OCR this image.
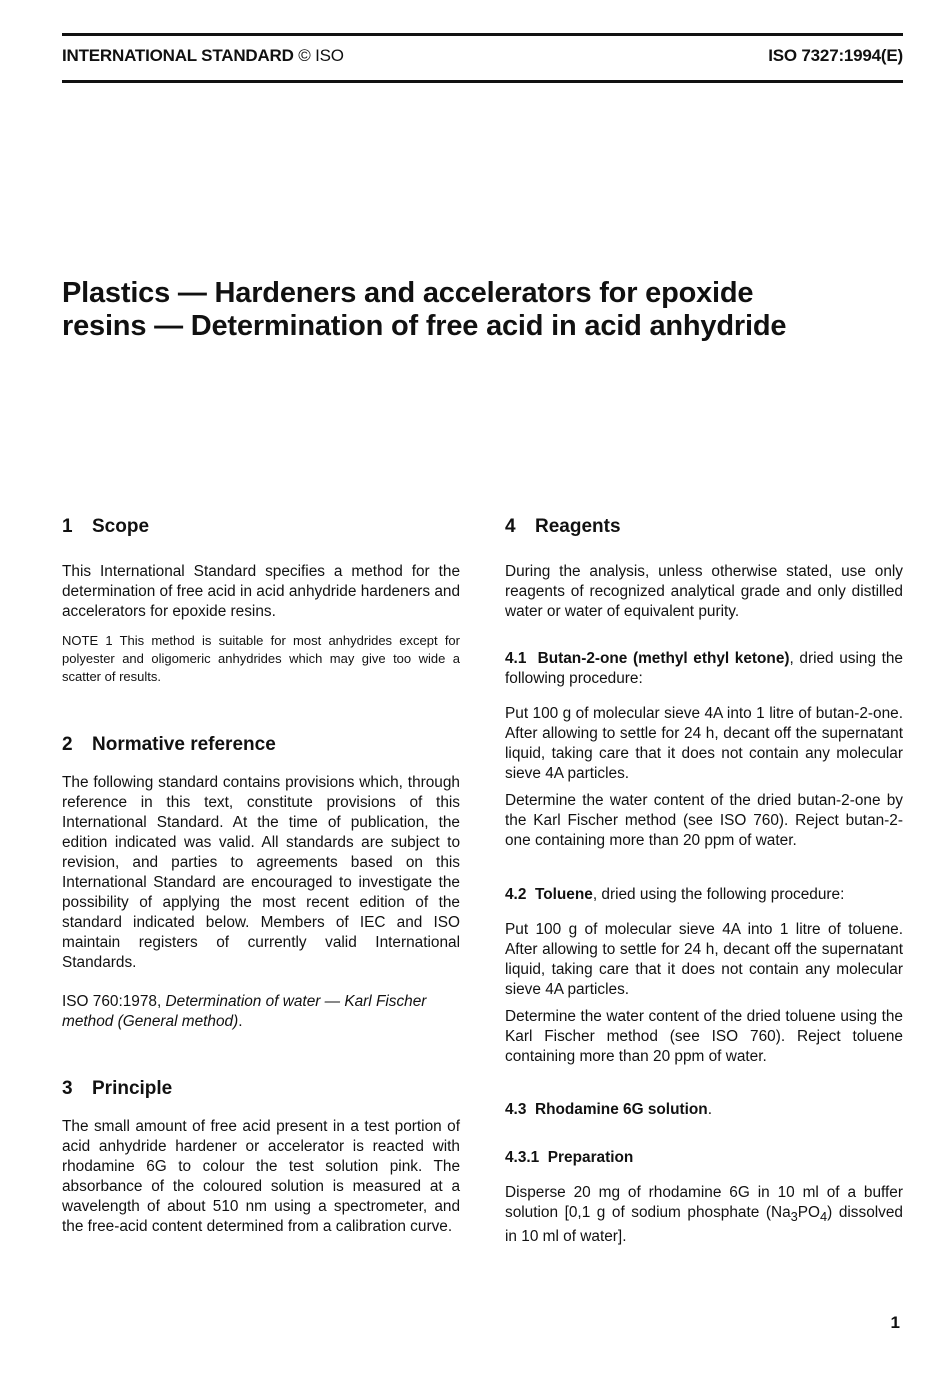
INTERNATIONAL STANDARD © ISO	ISO 7327:1994(E)
Plastics — Hardeners and accelerators for epoxide
resins — Determination of free acid in acid anhydride
1 Scope

This International Standard specifies a method for the determination of free acid in acid anhydride hardeners and accelerators for epoxide resins.

NOTE 1 This method is suitable for most anhydrides except for polyester and oligomeric anhydrides which may give too wide a scatter of results.

2 Normative reference

The following standard contains provisions which, through reference in this text, constitute provisions of this International Standard. At the time of publication, the edition indicated was valid. All standards are subject to revision, and parties to agreements based on this International Standard are encouraged to investigate the possibility of applying the most recent edition of the standard indicated below. Members of IEC and ISO maintain registers of currently valid International Standards.

ISO 760:1978, Determination of water — Karl Fischer method (General method).

3 Principle

The small amount of free acid present in a test portion of acid anhydride hardener or accelerator is reacted with rhodamine 6G to colour the test solution pink. The absorbance of the coloured solution is measured at a wavelength of about 510 nm using a spectrometer, and the free-acid content determined from a calibration curve.

4 Reagents

During the analysis, unless otherwise stated, use only reagents of recognized analytical grade and only distilled water or water of equivalent purity.

4.1 Butan-2-one (methyl ethyl ketone), dried using the following procedure:

Put 100 g of molecular sieve 4A into 1 litre of butan-2-one. After allowing to settle for 24 h, decant off the supernatant liquid, taking care that it does not contain any molecular sieve 4A particles.

Determine the water content of the dried butan-2-one by the Karl Fischer method (see ISO 760). Reject butan-2-one containing more than 20 ppm of water.

4.2 Toluene, dried using the following procedure:

Put 100 g of molecular sieve 4A into 1 litre of toluene. After allowing to settle for 24 h, decant off the supernatant liquid, taking care that it does not contain any molecular sieve 4A particles.

Determine the water content of the dried toluene using the Karl Fischer method (see ISO 760). Reject toluene containing more than 20 ppm of water.

4.3 Rhodamine 6G solution.

4.3.1 Preparation

Disperse 20 mg of rhodamine 6G in 10 ml of a buffer solution [0,1 g of sodium phosphate $(Na_3PO_4)$ dissolved in 10 ml of water].

1
